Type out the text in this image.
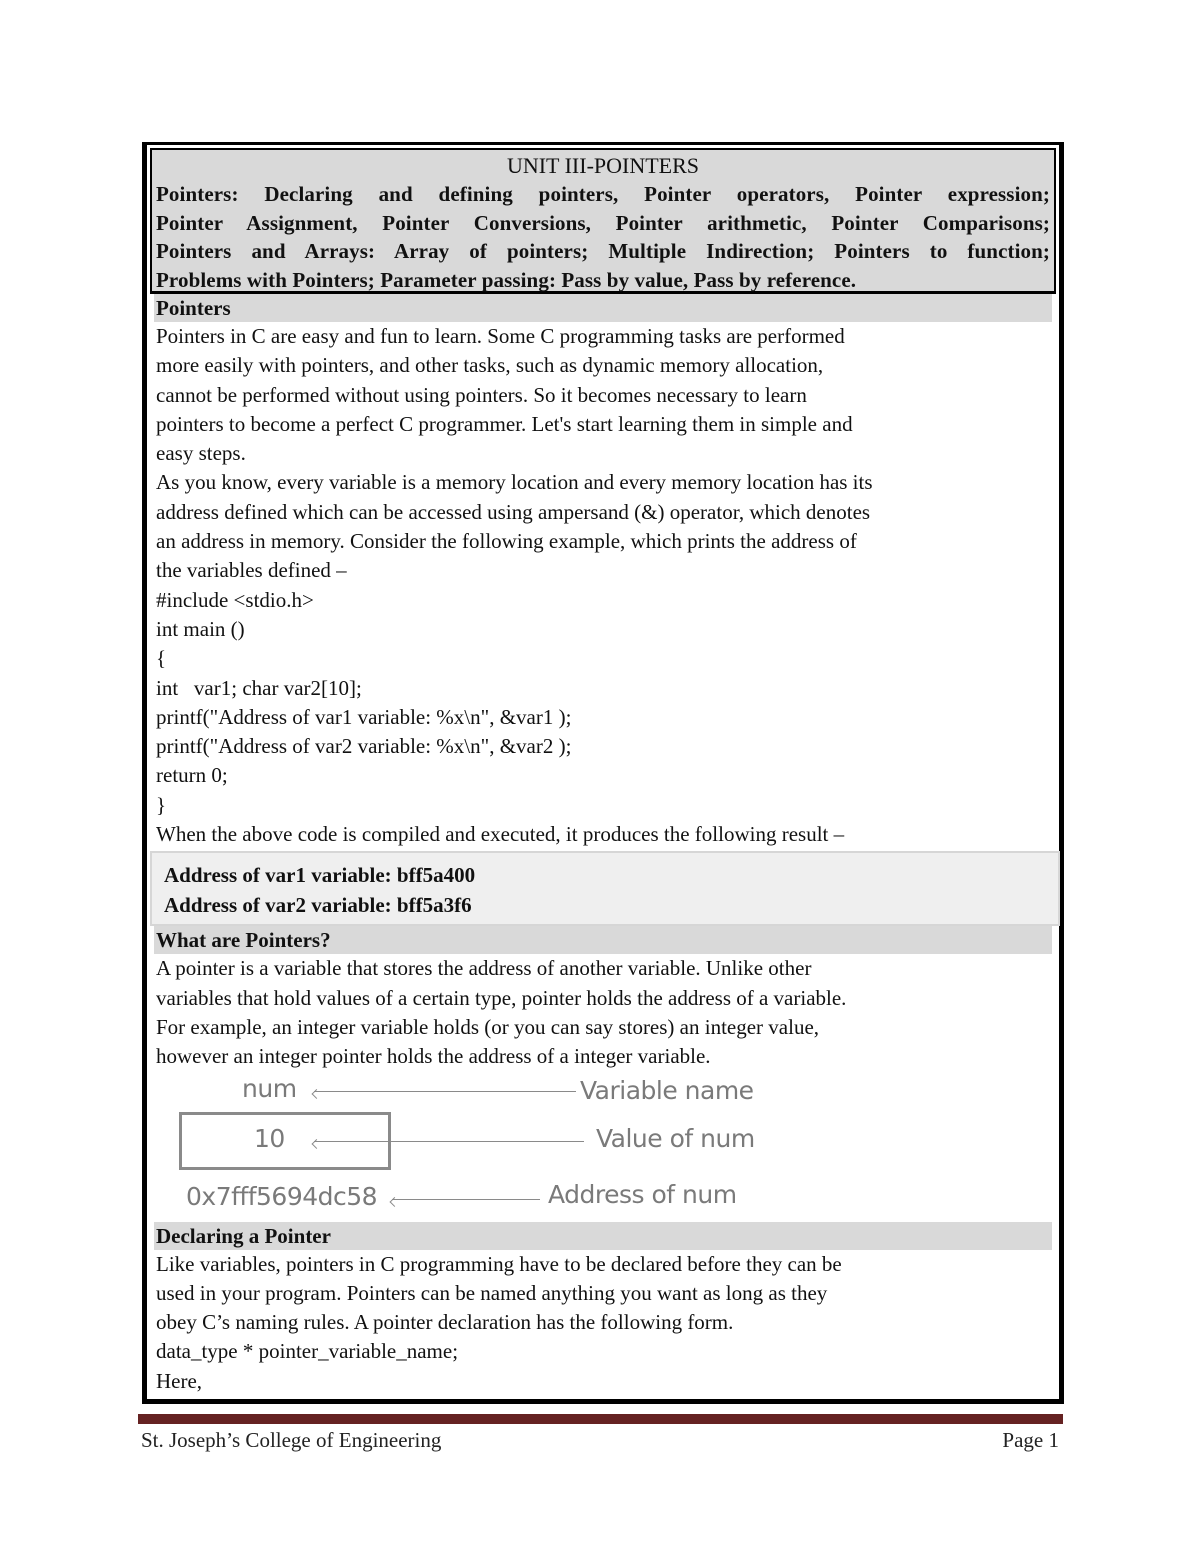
UNIT III-POINTERS
Pointers: Declaring and defining pointers, Pointer operators, Pointer expression;
Pointer Assignment, Pointer Conversions, Pointer arithmetic, Pointer Comparisons;
Pointers and Arrays: Array of pointers; Multiple Indirection; Pointers to function;
Problems with Pointers; Parameter passing: Pass by value, Pass by reference.
Pointers
Pointers in C are easy and fun to learn. Some C programming tasks are performed
more easily with pointers, and other tasks, such as dynamic memory allocation,
cannot be performed without using pointers. So it becomes necessary to learn
pointers to become a perfect C programmer. Let's start learning them in simple and
easy steps.
As you know, every variable is a memory location and every memory location has its
address defined which can be accessed using ampersand (&) operator, which denotes
an address in memory. Consider the following example, which prints the address of
the variables defined –
#include <stdio.h>
int main ()
{
int   var1; char var2[10];
printf("Address of var1 variable: %x\n", &var1 );
printf("Address of var2 variable: %x\n", &var2 );
return 0;
}
When the above code is compiled and executed, it produces the following result –
Address of var1 variable: bff5a400
Address of var2 variable: bff5a3f6
What are Pointers?
A pointer is a variable that stores the address of another variable. Unlike other
variables that hold values of a certain type, pointer holds the address of a variable.
For example, an integer variable holds (or you can say stores) an integer value,
however an integer pointer holds the address of a integer variable.
num	Variable name
10	Value of num
0x7fff5694dc58	Address of num
Declaring a Pointer
Like variables, pointers in C programming have to be declared before they can be
used in your program. Pointers can be named anything you want as long as they
obey C’s naming rules. A pointer declaration has the following form.
data_type * pointer_variable_name;
Here,
St. Joseph’s College of Engineering	Page 1
